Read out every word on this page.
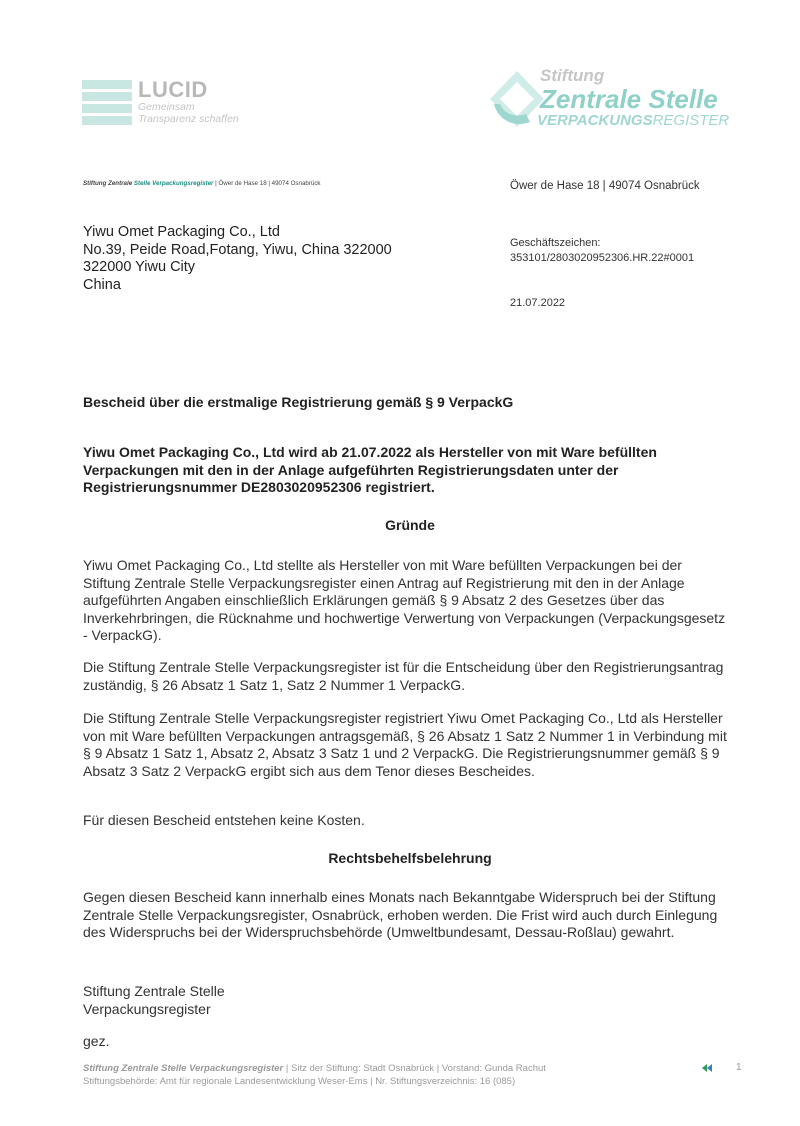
LUCID
Gemeinsam
Transparenz schaffen
Stiftung
Zentrale Stelle
VERPACKUNGSREGISTER
Stiftung Zentrale Stelle Verpackungsregister | Öwer de Hase 18 | 49074 Osnabrück	Öwer de Hase 18 | 49074 Osnabrück
Geschäftszeichen:
353101/2803020952306.HR.22#0001
21.07.2022
Yiwu Omet Packaging Co., Ltd
No.39, Peide Road,Fotang, Yiwu, China 322000
322000 Yiwu City
China
Bescheid über die erstmalige Registrierung gemäß § 9 VerpackG
Yiwu Omet Packaging Co., Ltd wird ab 21.07.2022 als Hersteller von mit Ware befüllten Verpackungen mit den in der Anlage aufgeführten Registrierungsdaten unter der Registrierungsnummer DE2803020952306 registriert.
Gründe
Yiwu Omet Packaging Co., Ltd stellte als Hersteller von mit Ware befüllten Verpackungen bei der Stiftung Zentrale Stelle Verpackungsregister einen Antrag auf Registrierung mit den in der Anlage aufgeführten Angaben einschließlich Erklärungen gemäß § 9 Absatz 2 des Gesetzes über das Inverkehrbringen, die Rücknahme und hochwertige Verwertung von Verpackungen (Verpackungsgesetz - VerpackG).
Die Stiftung Zentrale Stelle Verpackungsregister ist für die Entscheidung über den Registrierungsantrag zuständig, § 26 Absatz 1 Satz 1, Satz 2 Nummer 1 VerpackG.
Die Stiftung Zentrale Stelle Verpackungsregister registriert Yiwu Omet Packaging Co., Ltd als Hersteller von mit Ware befüllten Verpackungen antragsgemäß, § 26 Absatz 1 Satz 2 Nummer 1 in Verbindung mit § 9 Absatz 1 Satz 1, Absatz 2, Absatz 3 Satz 1 und 2 VerpackG. Die Registrierungsnummer gemäß § 9 Absatz 3 Satz 2 VerpackG ergibt sich aus dem Tenor dieses Bescheides.
Für diesen Bescheid entstehen keine Kosten.
Rechtsbehelfsbelehrung
Gegen diesen Bescheid kann innerhalb eines Monats nach Bekanntgabe Widerspruch bei der Stiftung Zentrale Stelle Verpackungsregister, Osnabrück, erhoben werden. Die Frist wird auch durch Einlegung des Widerspruchs bei der Widerspruchsbehörde (Umweltbundesamt, Dessau-Roßlau) gewahrt.
Stiftung Zentrale Stelle
Verpackungsregister
gez.
Stiftung Zentrale Stelle Verpackungsregister | Sitz der Stiftung: Stadt Osnabrück | Vorstand: Gunda Rachut
Stiftungsbehörde: Amt für regionale Landesentwicklung Weser-Ems | Nr. Stiftungsverzeichnis: 16 (085)
1
